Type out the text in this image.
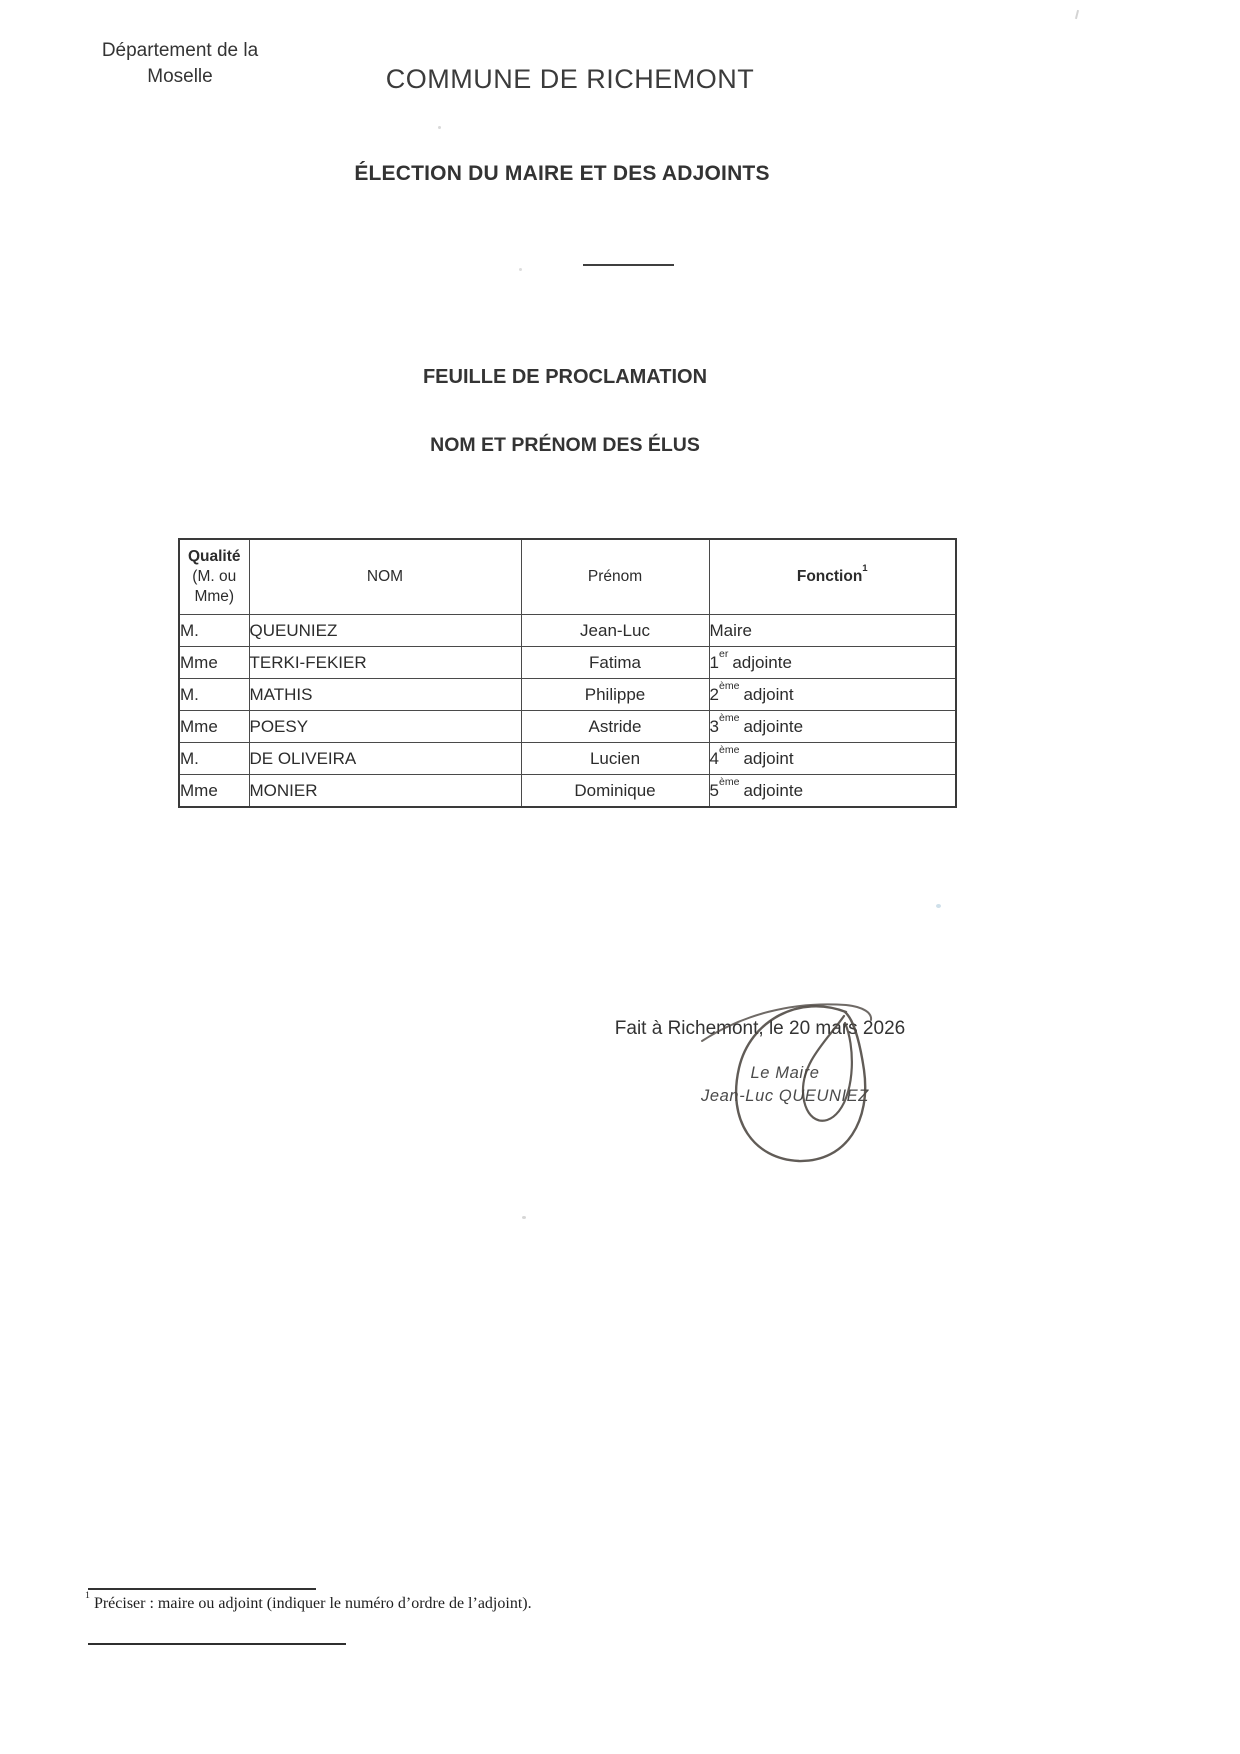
Département de la
Moselle	COMMUNE DE RICHEMONT
ÉLECTION DU MAIRE ET DES ADJOINTS
FEUILLE DE PROCLAMATION
NOM ET PRÉNOM DES ÉLUS
Qualité
(M. ou Mme)	NOM	Prénom	Fonction$^1$
M.	QUEUNIEZ	Jean-Luc	Maire
Mme	TERKI-FEKIER	Fatima	1er adjointe
M.	MATHIS	Philippe	2ème adjoint
Mme	POESY	Astride	3ème adjointe
M.	DE OLIVEIRA	Lucien	4ème adjoint
Mme	MONIER	Dominique	5ème adjointe
Fait à Richemont, le 20 mars 2026
Le Maire
Jean-Luc QUEUNIEZ
$^1$ Préciser : maire ou adjoint (indiquer le numéro d’ordre de l’adjoint).
